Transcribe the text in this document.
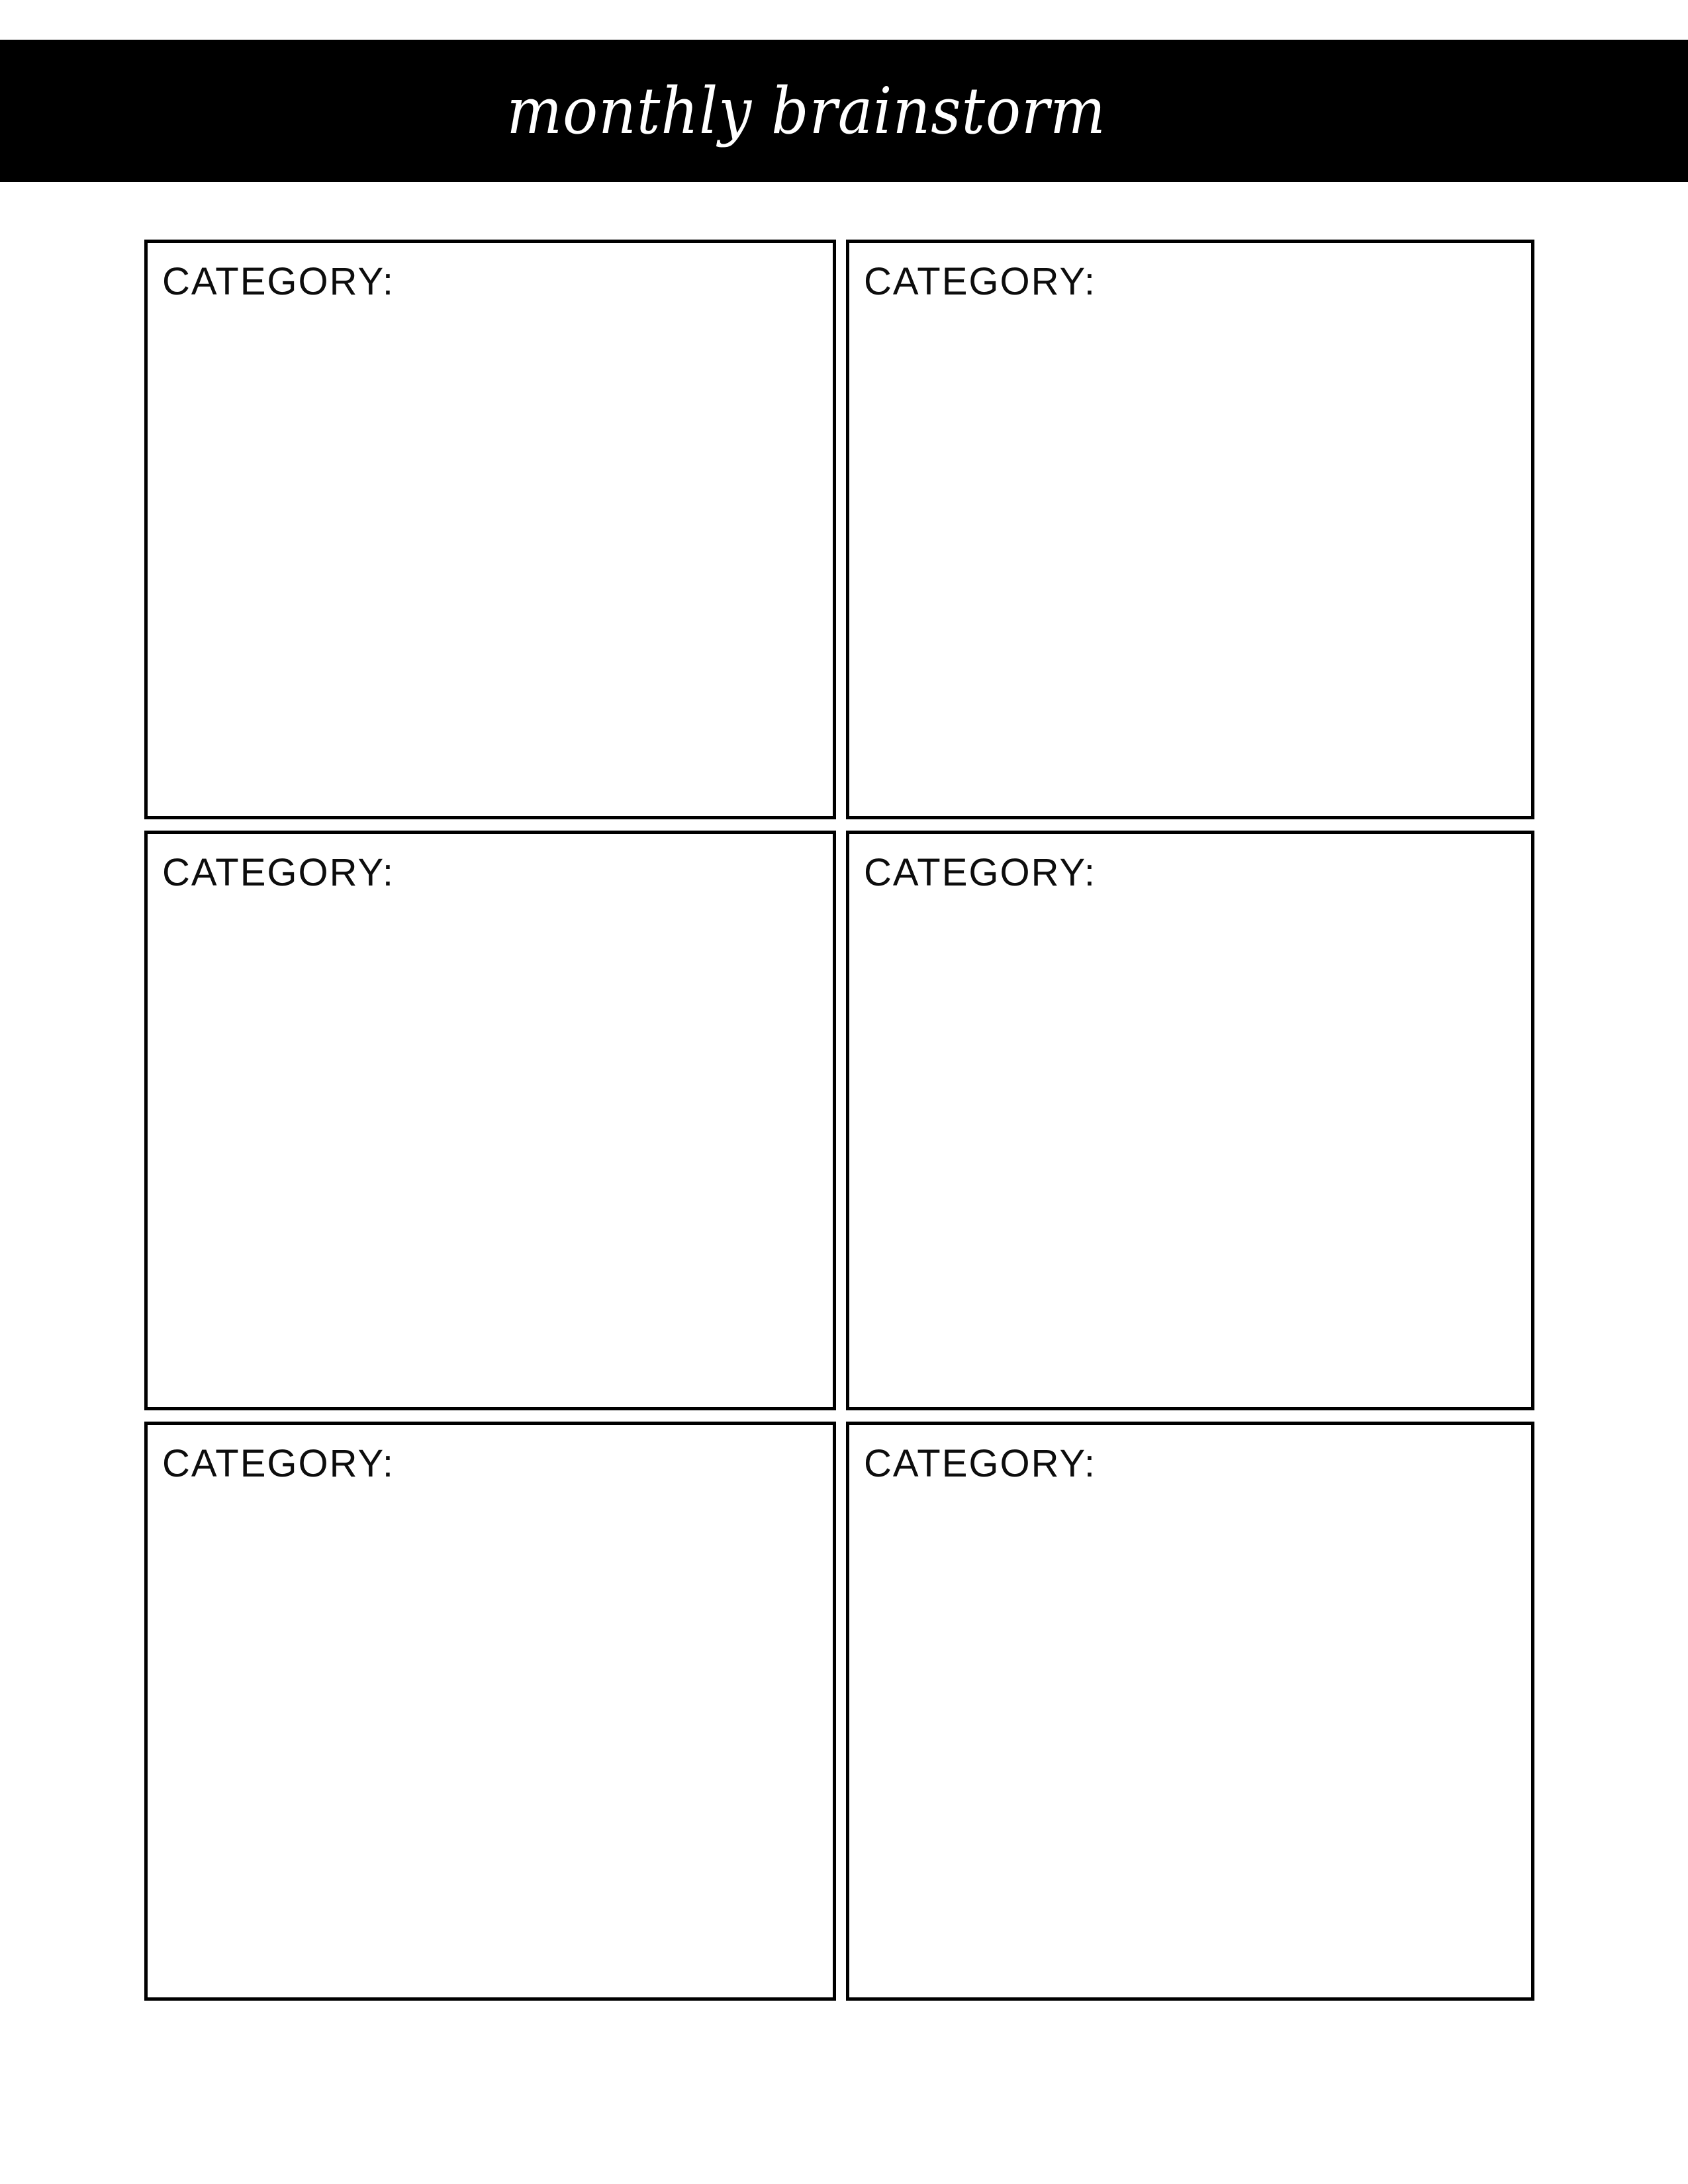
monthly brainstorm
CATEGORY:	CATEGORY:
CATEGORY:	CATEGORY:
CATEGORY:	CATEGORY:
